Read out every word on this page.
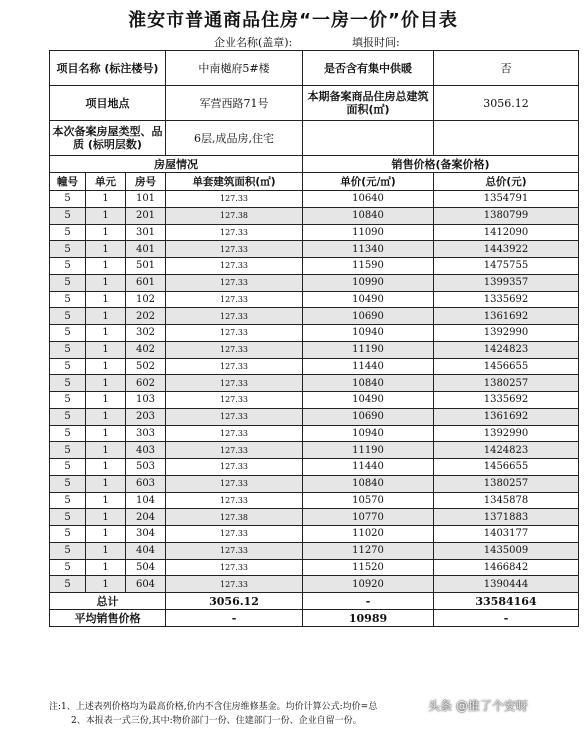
淮安市普通商品住房“一房一价”价目表
企业名称(盖章):	填报时间:
项目名称 (标注楼号)			中南樾府5#楼	是否含有集中供暖	否
项目地点			军营西路71号	本期备案商品住房总建筑面积(㎡)	3056.12
本次备案房屋类型、品质 (标明层数)			6层,成品房,住宅		
房屋情况				销售价格(备案价格)	
幢号	单元	房号	单套建筑面积(㎡)	单价(元/㎡)	总价(元)
5	1	101	127.33	10640	1354791
5	1	201	127.38	10840	1380799
5	1	301	127.33	11090	1412090
5	1	401	127.33	11340	1443922
5	1	501	127.33	11590	1475755
5	1	601	127.33	10990	1399357
5	1	102	127.33	10490	1335692
5	1	202	127.33	10690	1361692
5	1	302	127.33	10940	1392990
5	1	402	127.33	11190	1424823
5	1	502	127.33	11440	1456655
5	1	602	127.33	10840	1380257
5	1	103	127.33	10490	1335692
5	1	203	127.33	10690	1361692
5	1	303	127.33	10940	1392990
5	1	403	127.33	11190	1424823
5	1	503	127.33	11440	1456655
5	1	603	127.33	10840	1380257
5	1	104	127.33	10570	1345878
5	1	204	127.38	10770	1371883
5	1	304	127.33	11020	1403177
5	1	404	127.33	11270	1435009
5	1	504	127.33	11520	1466842
5	1	604	127.33	10920	1390444
总计			3056.12	-	33584164
平均销售价格			-	10989	-
注:1、上述表列价格均为最高价格,价内不含住房维修基金。均价计算公式:均价=总
2、本报表一式三份,其中:物价部门一份、住建部门一份、企业自留一份。
头条 @推了个安呀
